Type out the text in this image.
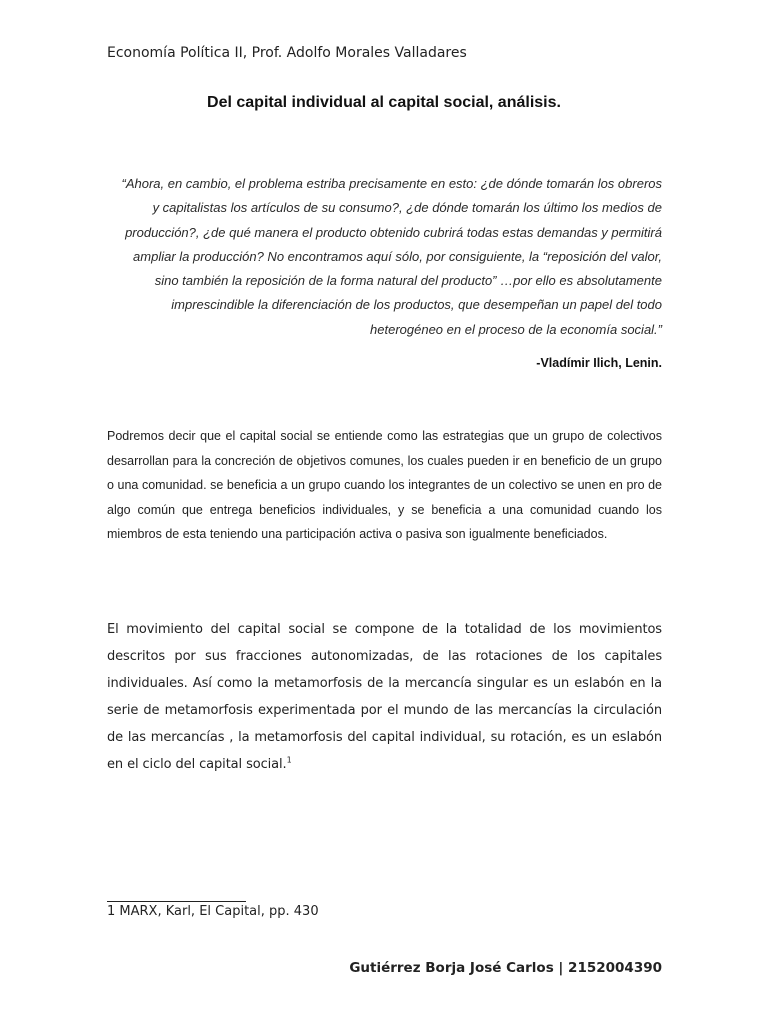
Economía Política II, Prof. Adolfo Morales Valladares
Del capital individual al capital social, análisis.

“Ahora, en cambio, el problema estriba precisamente en esto: ¿de dónde tomarán los obreros y capitalistas los artículos de su consumo?, ¿de dónde tomarán los último los medios de producción?, ¿de qué manera el producto obtenido cubrirá todas estas demandas y permitirá ampliar la producción? No encontramos aquí sólo, por consiguiente, la “reposición del valor, sino también la reposición de la forma natural del producto” …por ello es absolutamente imprescindible la diferenciación de los productos, que desempeñan un papel del todo heterogéneo en el proceso de la economía social.”

-Vladímir Ilich, Lenin.

Podremos decir que el capital social se entiende como las estrategias que un grupo de colectivos desarrollan para la concreción de objetivos comunes, los cuales pueden ir en beneficio de un grupo o una comunidad. se beneficia a un grupo cuando los integrantes de un colectivo se unen en pro de algo común que entrega beneficios individuales, y se beneficia a una comunidad cuando los miembros de esta teniendo una participación activa o pasiva son igualmente beneficiados.

El movimiento del capital social se compone de la totalidad de los movimientos descritos por sus fracciones autonomizadas, de las rotaciones de los capitales individuales. Así como la metamorfosis de la mercancía singular es un eslabón en la serie de metamorfosis experimentada por el mundo de las mercancías la circulación de las mercancías , la metamorfosis del capital individual, su rotación, es un eslabón en el ciclo del capital social.$^1$

1 MARX, Karl, El Capital, pp. 430
Gutiérrez Borja José Carlos | 2152004390
